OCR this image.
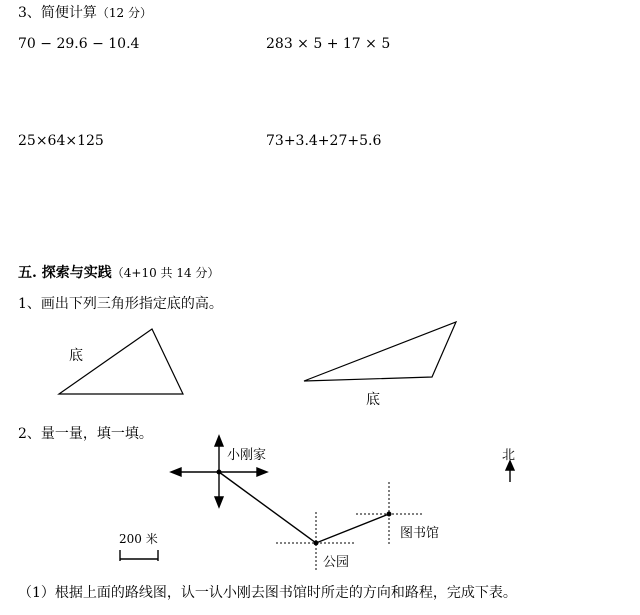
3、简便计算（12 分）
70 − 29.6 − 10.4	283 × 5 + 17 × 5
25×64×125	73+3.4+27+5.6
五. 探索与实践（4+10 共 14 分）
1、画出下列三角形指定底的高。
底
底
2、量一量，填一填。
小刚家
图书馆
公园
北
200 米
（1）根据上面的路线图，认一认小刚去图书馆时所走的方向和路程，完成下表。
